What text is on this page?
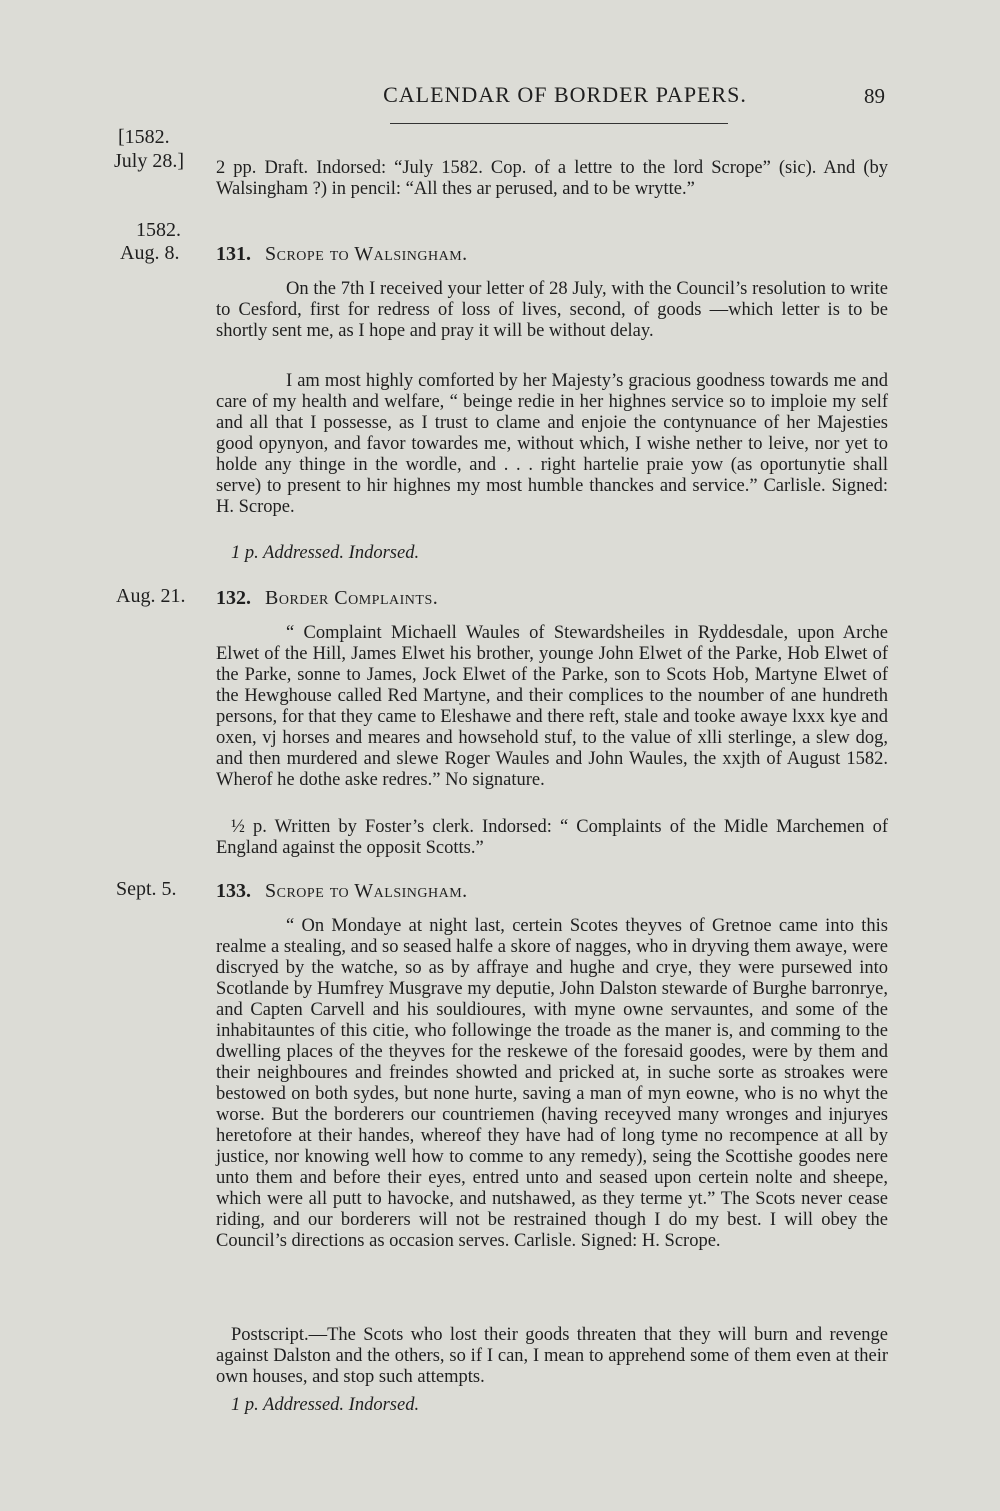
CALENDAR OF BORDER PAPERS.	89
[1582.
July 28.] 2 pp. Draft. Indorsed: “July 1582. Cop. of a lettre to the lord Scrope” (sic). And (by Walsingham ?) in pencil: “All thes ar perused, and to be wrytte.”
1582.
Aug. 8. 131. Scrope to Walsingham.
On the 7th I received your letter of 28 July, with the Council’s resolution to write to Cesford, first for redress of loss of lives, second, of goods —which letter is to be shortly sent me, as I hope and pray it will be without delay.
I am most highly comforted by her Majesty’s gracious goodness towards me and care of my health and welfare, “ beinge redie in her highnes service so to imploie my self and all that I possesse, as I trust to clame and enjoie the contynuance of her Majesties good opynyon, and favor towardes me, without which, I wishe nether to leive, nor yet to holde any thinge in the wordle, and . . . right hartelie praie yow (as oportunytie shall serve) to present to hir highnes my most humble thanckes and service.” Carlisle. Signed: H. Scrope.
1 p. Addressed. Indorsed.
Aug. 21. 132. Border Complaints.
“ Complaint Michaell Waules of Stewardsheiles in Ryddesdale, upon Arche Elwet of the Hill, James Elwet his brother, younge John Elwet of the Parke, Hob Elwet of the Parke, sonne to James, Jock Elwet of the Parke, son to Scots Hob, Martyne Elwet of the Hewghouse called Red Martyne, and their complices to the noumber of ane hundreth persons, for that they came to Eleshawe and there reft, stale and tooke awaye lxxx kye and oxen, vj horses and meares and howsehold stuf, to the value of xlli sterlinge, a slew dog, and then murdered and slewe Roger Waules and John Waules, the xxjth of August 1582. Wherof he dothe aske redres.” No signature.
½ p. Written by Foster’s clerk. Indorsed: “ Complaints of the Midle Marchemen of England against the opposit Scotts.”
Sept. 5. 133. Scrope to Walsingham.
“ On Mondaye at night last, certein Scotes theyves of Gretnoe came into this realme a stealing, and so seased halfe a skore of nagges, who in dryving them awaye, were discryed by the watche, so as by affraye and hughe and crye, they were pursewed into Scotlande by Humfrey Musgrave my deputie, John Dalston stewarde of Burghe barronrye, and Capten Carvell and his souldioures, with myne owne servauntes, and some of the inhabitauntes of this citie, who followinge the troade as the maner is, and comming to the dwelling places of the theyves for the reskewe of the foresaid goodes, were by them and their neighboures and freindes showted and pricked at, in suche sorte as stroakes were bestowed on both sydes, but none hurte, saving a man of myn eowne, who is no whyt the worse. But the borderers our countriemen (having receyved many wronges and injuryes heretofore at their handes, whereof they have had of long tyme no recompence at all by justice, nor knowing well how to comme to any remedy), seing the Scottishe goodes nere unto them and before their eyes, entred unto and seased upon certein nolte and sheepe, which were all putt to havocke, and nutshawed, as they terme yt.” The Scots never cease riding, and our borderers will not be restrained though I do my best. I will obey the Council’s directions as occasion serves. Carlisle. Signed: H. Scrope.
Postscript.—The Scots who lost their goods threaten that they will burn and revenge against Dalston and the others, so if I can, I mean to apprehend some of them even at their own houses, and stop such attempts.
1 p. Addressed. Indorsed.
